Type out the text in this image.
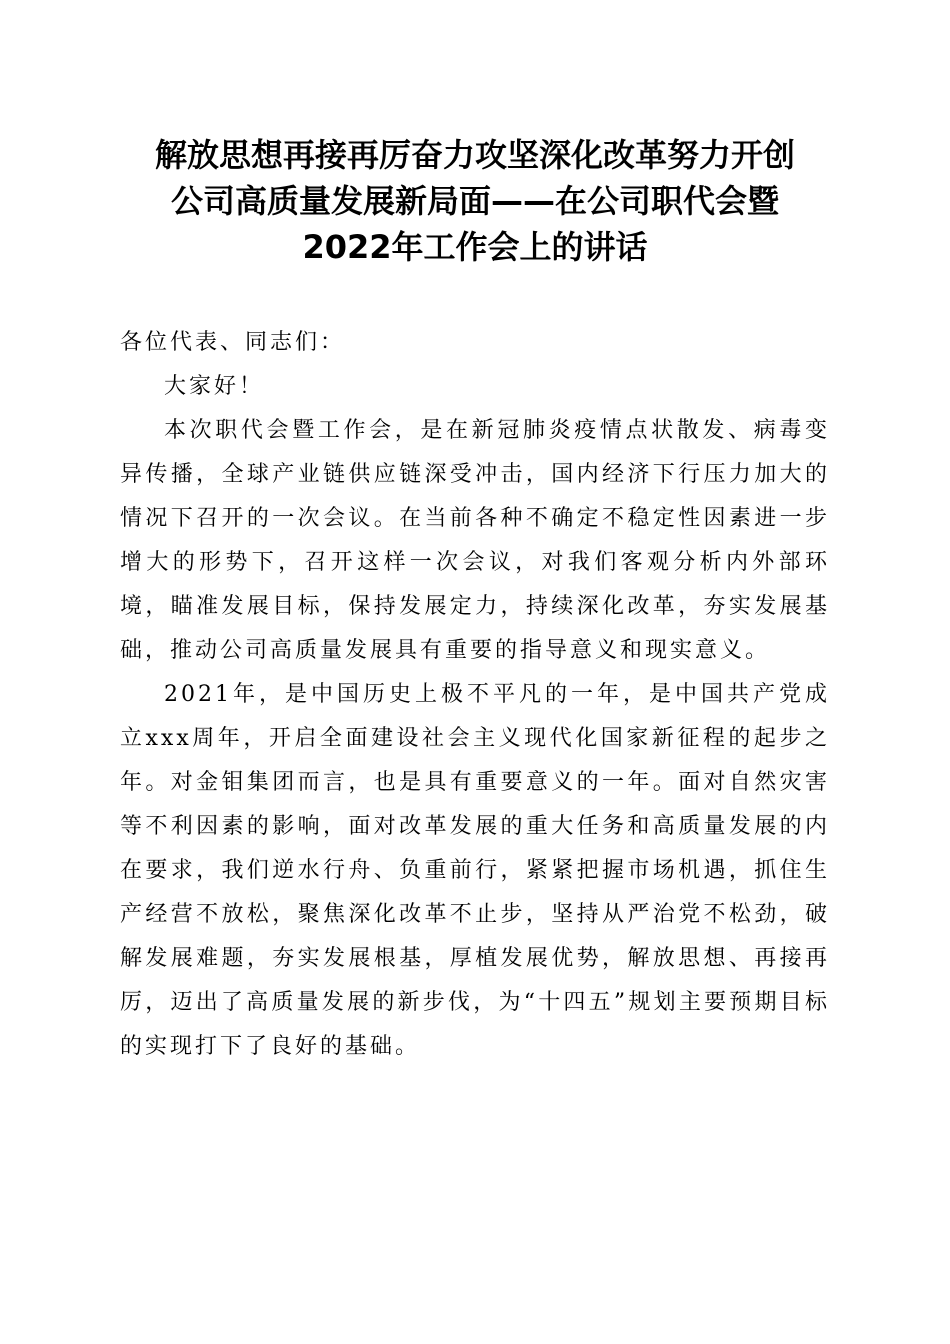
解放思想再接再厉奋力攻坚深化改革努力开创
公司高质量发展新局面——在公司职代会暨
2022年工作会上的讲话

各位代表、同志们：

大家好！

本次职代会暨工作会，是在新冠肺炎疫情点状散发、病毒变异传播，全球产业链供应链深受冲击，国内经济下行压力加大的情况下召开的一次会议。在当前各种不确定不稳定性因素进一步增大的形势下，召开这样一次会议，对我们客观分析内外部环境，瞄准发展目标，保持发展定力，持续深化改革，夯实发展基础，推动公司高质量发展具有重要的指导意义和现实意义。

2021年，是中国历史上极不平凡的一年，是中国共产党成立xxx周年，开启全面建设社会主义现代化国家新征程的起步之年。对金钼集团而言，也是具有重要意义的一年。面对自然灾害等不利因素的影响，面对改革发展的重大任务和高质量发展的内在要求，我们逆水行舟、负重前行，紧紧把握市场机遇，抓住生产经营不放松，聚焦深化改革不止步，坚持从严治党不松劲，破解发展难题，夯实发展根基，厚植发展优势，解放思想、再接再厉，迈出了高质量发展的新步伐，为“十四五”规划主要预期目标的实现打下了良好的基础。
